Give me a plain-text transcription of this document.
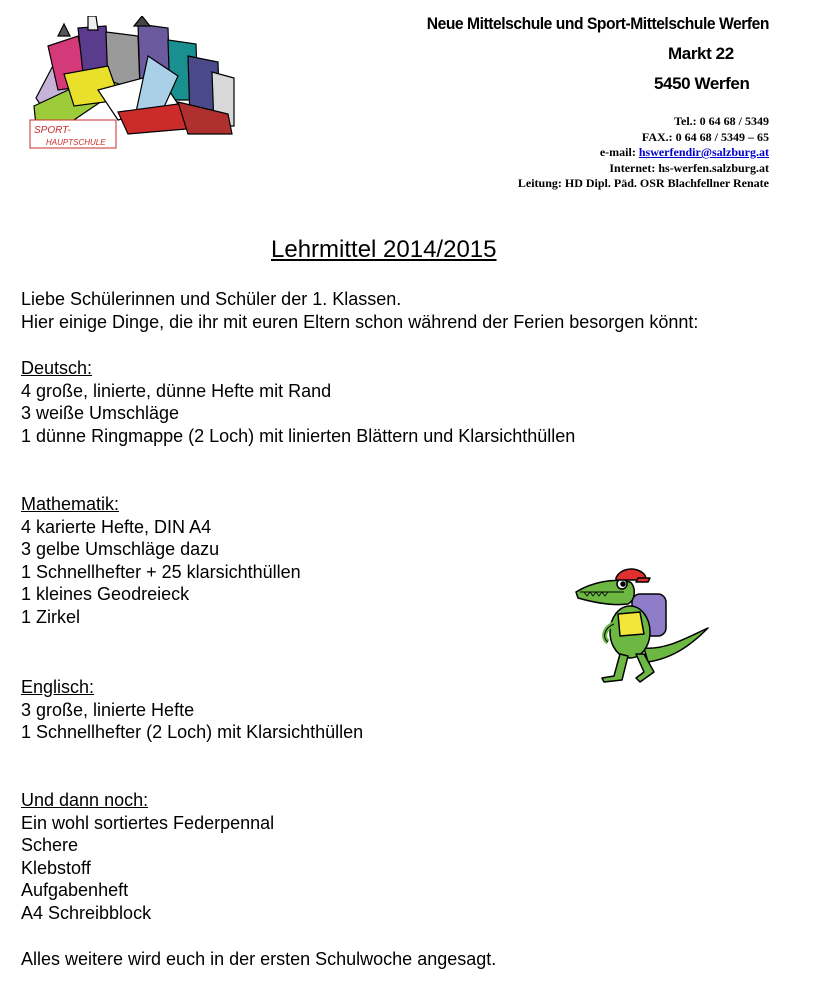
SPORT-
HAUPTSCHULE
Neue Mittelschule und Sport-Mittelschule Werfen
Markt 22
5450 Werfen
Tel.: 0 64 68 / 5349
FAX.: 0 64 68 / 5349 – 65
e-mail: hswerfendir@salzburg.at
Internet: hs-werfen.salzburg.at
Leitung: HD Dipl. Päd. OSR Blachfellner Renate
Lehrmittel 2014/2015
Liebe Schülerinnen und Schüler der 1. Klassen.
Hier einige Dinge, die ihr mit euren Eltern schon während der Ferien besorgen könnt:
Deutsch:
4 große, linierte, dünne Hefte mit Rand
3 weiße Umschläge
1 dünne Ringmappe (2 Loch) mit linierten Blättern und Klarsichthüllen
Mathematik:
4 karierte Hefte, DIN A4
3 gelbe Umschläge dazu
1 Schnellhefter + 25 klarsichthüllen
1 kleines Geodreieck
1 Zirkel
Englisch:
3 große, linierte Hefte
1 Schnellhefter (2 Loch) mit Klarsichthüllen
Und dann noch:
Ein wohl sortiertes Federpennal
Schere
Klebstoff
Aufgabenheft
A4 Schreibblock
Alles weitere wird euch in der ersten Schulwoche angesagt.
